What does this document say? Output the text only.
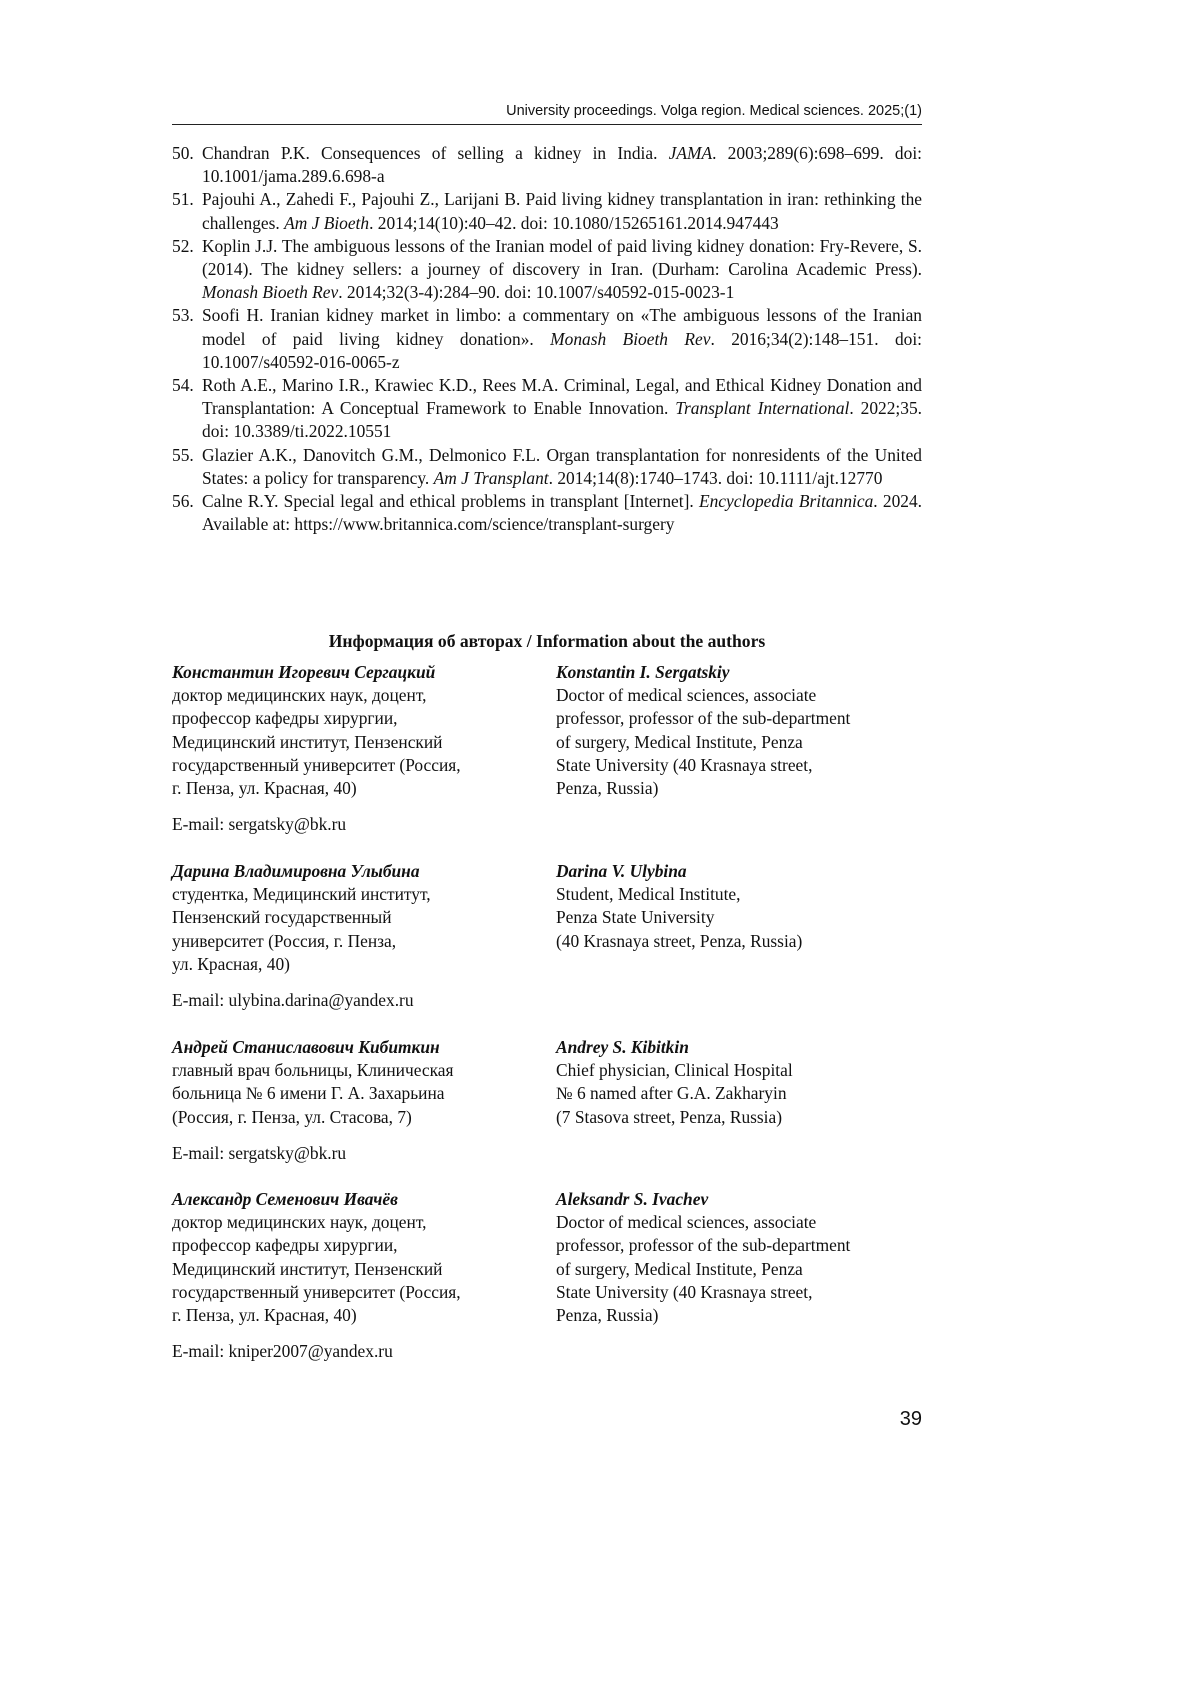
University proceedings. Volga region. Medical sciences. 2025;(1)
50. Chandran P.K. Consequences of selling a kidney in India. JAMA. 2003;289(6):698–699. doi: 10.1001/jama.289.6.698-a
51. Pajouhi A., Zahedi F., Pajouhi Z., Larijani B. Paid living kidney transplantation in iran: rethinking the challenges. Am J Bioeth. 2014;14(10):40–42. doi: 10.1080/15265161.2014.947443
52. Koplin J.J. The ambiguous lessons of the Iranian model of paid living kidney donation: Fry-Revere, S. (2014). The kidney sellers: a journey of discovery in Iran. (Durham: Carolina Academic Press). Monash Bioeth Rev. 2014;32(3-4):284–90. doi: 10.1007/s40592-015-0023-1
53. Soofi H. Iranian kidney market in limbo: a commentary on «The ambiguous lessons of the Iranian model of paid living kidney donation». Monash Bioeth Rev. 2016;34(2):148–151. doi: 10.1007/s40592-016-0065-z
54. Roth A.E., Marino I.R., Krawiec K.D., Rees M.A. Criminal, Legal, and Ethical Kidney Donation and Transplantation: A Conceptual Framework to Enable Innovation. Transplant International. 2022;35. doi: 10.3389/ti.2022.10551
55. Glazier A.K., Danovitch G.M., Delmonico F.L. Organ transplantation for nonresidents of the United States: a policy for transparency. Am J Transplant. 2014;14(8):1740–1743. doi: 10.1111/ajt.12770
56. Calne R.Y. Special legal and ethical problems in transplant [Internet]. Encyclopedia Britannica. 2024. Available at: https://www.britannica.com/science/transplant-surgery
Информация об авторах / Information about the authors
Константин Игоревич Сергацкий
доктор медицинских наук, доцент,
профессор кафедры хирургии,
Медицинский институт, Пензенский
государственный университет (Россия,
г. Пенза, ул. Красная, 40)
Konstantin I. Sergatskiy
Doctor of medical sciences, associate
professor, professor of the sub-department
of surgery, Medical Institute, Penza
State University (40 Krasnaya street,
Penza, Russia)
E-mail: sergatsky@bk.ru
Дарина Владимировна Улыбина
студентка, Медицинский институт,
Пензенский государственный
университет (Россия, г. Пенза,
ул. Красная, 40)
Darina V. Ulybina
Student, Medical Institute,
Penza State University
(40 Krasnaya street, Penza, Russia)
E-mail: ulybina.darina@yandex.ru
Андрей Станиславович Кибиткин
главный врач больницы, Клиническая
больница № 6 имени Г. А. Захарьина
(Россия, г. Пенза, ул. Стасова, 7)
Andrey S. Kibitkin
Chief physician, Clinical Hospital
№ 6 named after G.A. Zakharyin
(7 Stasova street, Penza, Russia)
E-mail: sergatsky@bk.ru
Александр Семенович Ивачёв
доктор медицинских наук, доцент,
профессор кафедры хирургии,
Медицинский институт, Пензенский
государственный университет (Россия,
г. Пенза, ул. Красная, 40)
Aleksandr S. Ivachev
Doctor of medical sciences, associate
professor, professor of the sub-department
of surgery, Medical Institute, Penza
State University (40 Krasnaya street,
Penza, Russia)
E-mail: kniper2007@yandex.ru
39
